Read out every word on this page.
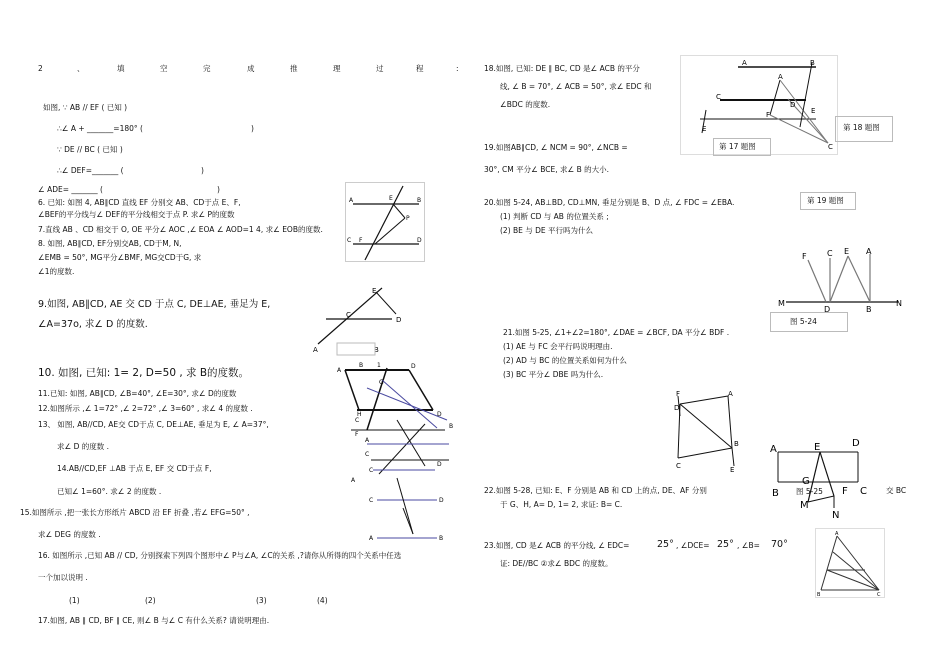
2	、	填	空	完	成	推	理	过	程	:
如图, ∵ AB // EF ( 已知 )
∴∠ A + _______=180° (	)
∵ DE // BC ( 已知 )
∴∠ DEF=_______ (	)
∠ ADE= _______ (	)
6. 已知: 如图 4, AB∥CD 直线 EF 分别交 AB、CD于点 E、F,
∠BEF的平分线与∠ DEF的平分线相交于点 P. 求∠ P的度数
7.直线 AB 、CD 相交于 O, OE 平分∠ AOC ,∠ EOA ∠ AOD=1 4, 求∠ EOB的度数.
8. 如图, AB∥CD, EF分别交AB, CD于M, N,
∠EMB = 50°, MG平分∠BMF, MG交CD于G, 求
∠1的度数.
9.如图, AB∥CD, AE 交 CD 于点 C, DE⊥AE, 垂足为 E,
∠A=37o, 求∠ D 的度数.
10. 如图, 已知: 1= 2, D=50 , 求 B的度数。
11.已知: 如图, AB∥CD, ∠B=40°, ∠E=30°, 求∠ D的度数
12.如图所示 ,∠ 1=72° ,∠ 2=72° ,∠ 3=60° , 求∠ 4 的度数 .
13、 如图, AB//CD, AE交 CD于点 C, DE⊥AE, 垂足为 E, ∠ A=37°,
求∠ D 的度数 .
14.AB//CD,EF ⊥AB 于点 E, EF 交 CD于点 F,
已知∠ 1=60°. 求∠ 2 的度数 .
15.如图所示 ,把一张长方形纸片 ABCD 沿 EF 折叠 ,若∠ EFG=50° ,
求∠ DEG 的度数 .
16. 如图所示 ,已知 AB // CD, 分别探索下列四个图形中∠ P与∠A, ∠C的关系 ,?请你从所得的四个关系中任选
一个加以说明 .
(1)	(2)	(3)	(4)
17.如图, AB ∥ CD, BF ∥ CE, 则∠ B 与∠ C 有什么关系? 请说明理由.
A	B
C	D
E
F
P
E
C
D
A	B
B 1	D
A
G
H
C
F
D
B
A
C
A
C
D
C
A	B
D
18.如图, 已知: DE ∥ BC, CD 是∠ ACB 的平分
线, ∠ B = 70°, ∠ ACB = 50°, 求∠ EDC 和
∠BDC 的度数.
19.如图AB∥CD, ∠ NCM = 90°, ∠NCB =
30°, CM 平分∠ BCE, 求∠ B 的大小.
20.如图 5-24, AB⊥BD, CD⊥MN, 垂足分别是 B、D 点, ∠ FDC = ∠EBA.
(1) 判断 CD 与 AB 的位置关系 ;
(2) BE 与 DE 平行吗为什么
21.如图 5-25, ∠1+∠2=180°, ∠DAE = ∠BCF, DA 平分∠ BDF .
(1) AE 与 FC 会平行吗说明理由.
(2) AD 与 BC 的位置关系如何为什么
(3) BC 平分∠ DBE 吗为什么.
22.如图 5-28, 已知: E、F 分别是 AB 和 CD 上的点, DE、AF 分别	交 BC
于 G、H, A= D, 1= 2, 求证: B= C.
23.如图, CD 是∠ ACB 的平分线, ∠ EDC=	25° , ∠DCE= 25° , ∠B= 70°
证: DE//BC ②求∠ BDC 的度数。
A	B
C
E
D
F
E
A
C
第 17 题图
第 18 题图
第 19 题图
F	C E A
M
D	B
N
图 5-24
F
D
A
B
C	E
A	E	D
B
G
F C
M
N
图 5-25
A
B	C
